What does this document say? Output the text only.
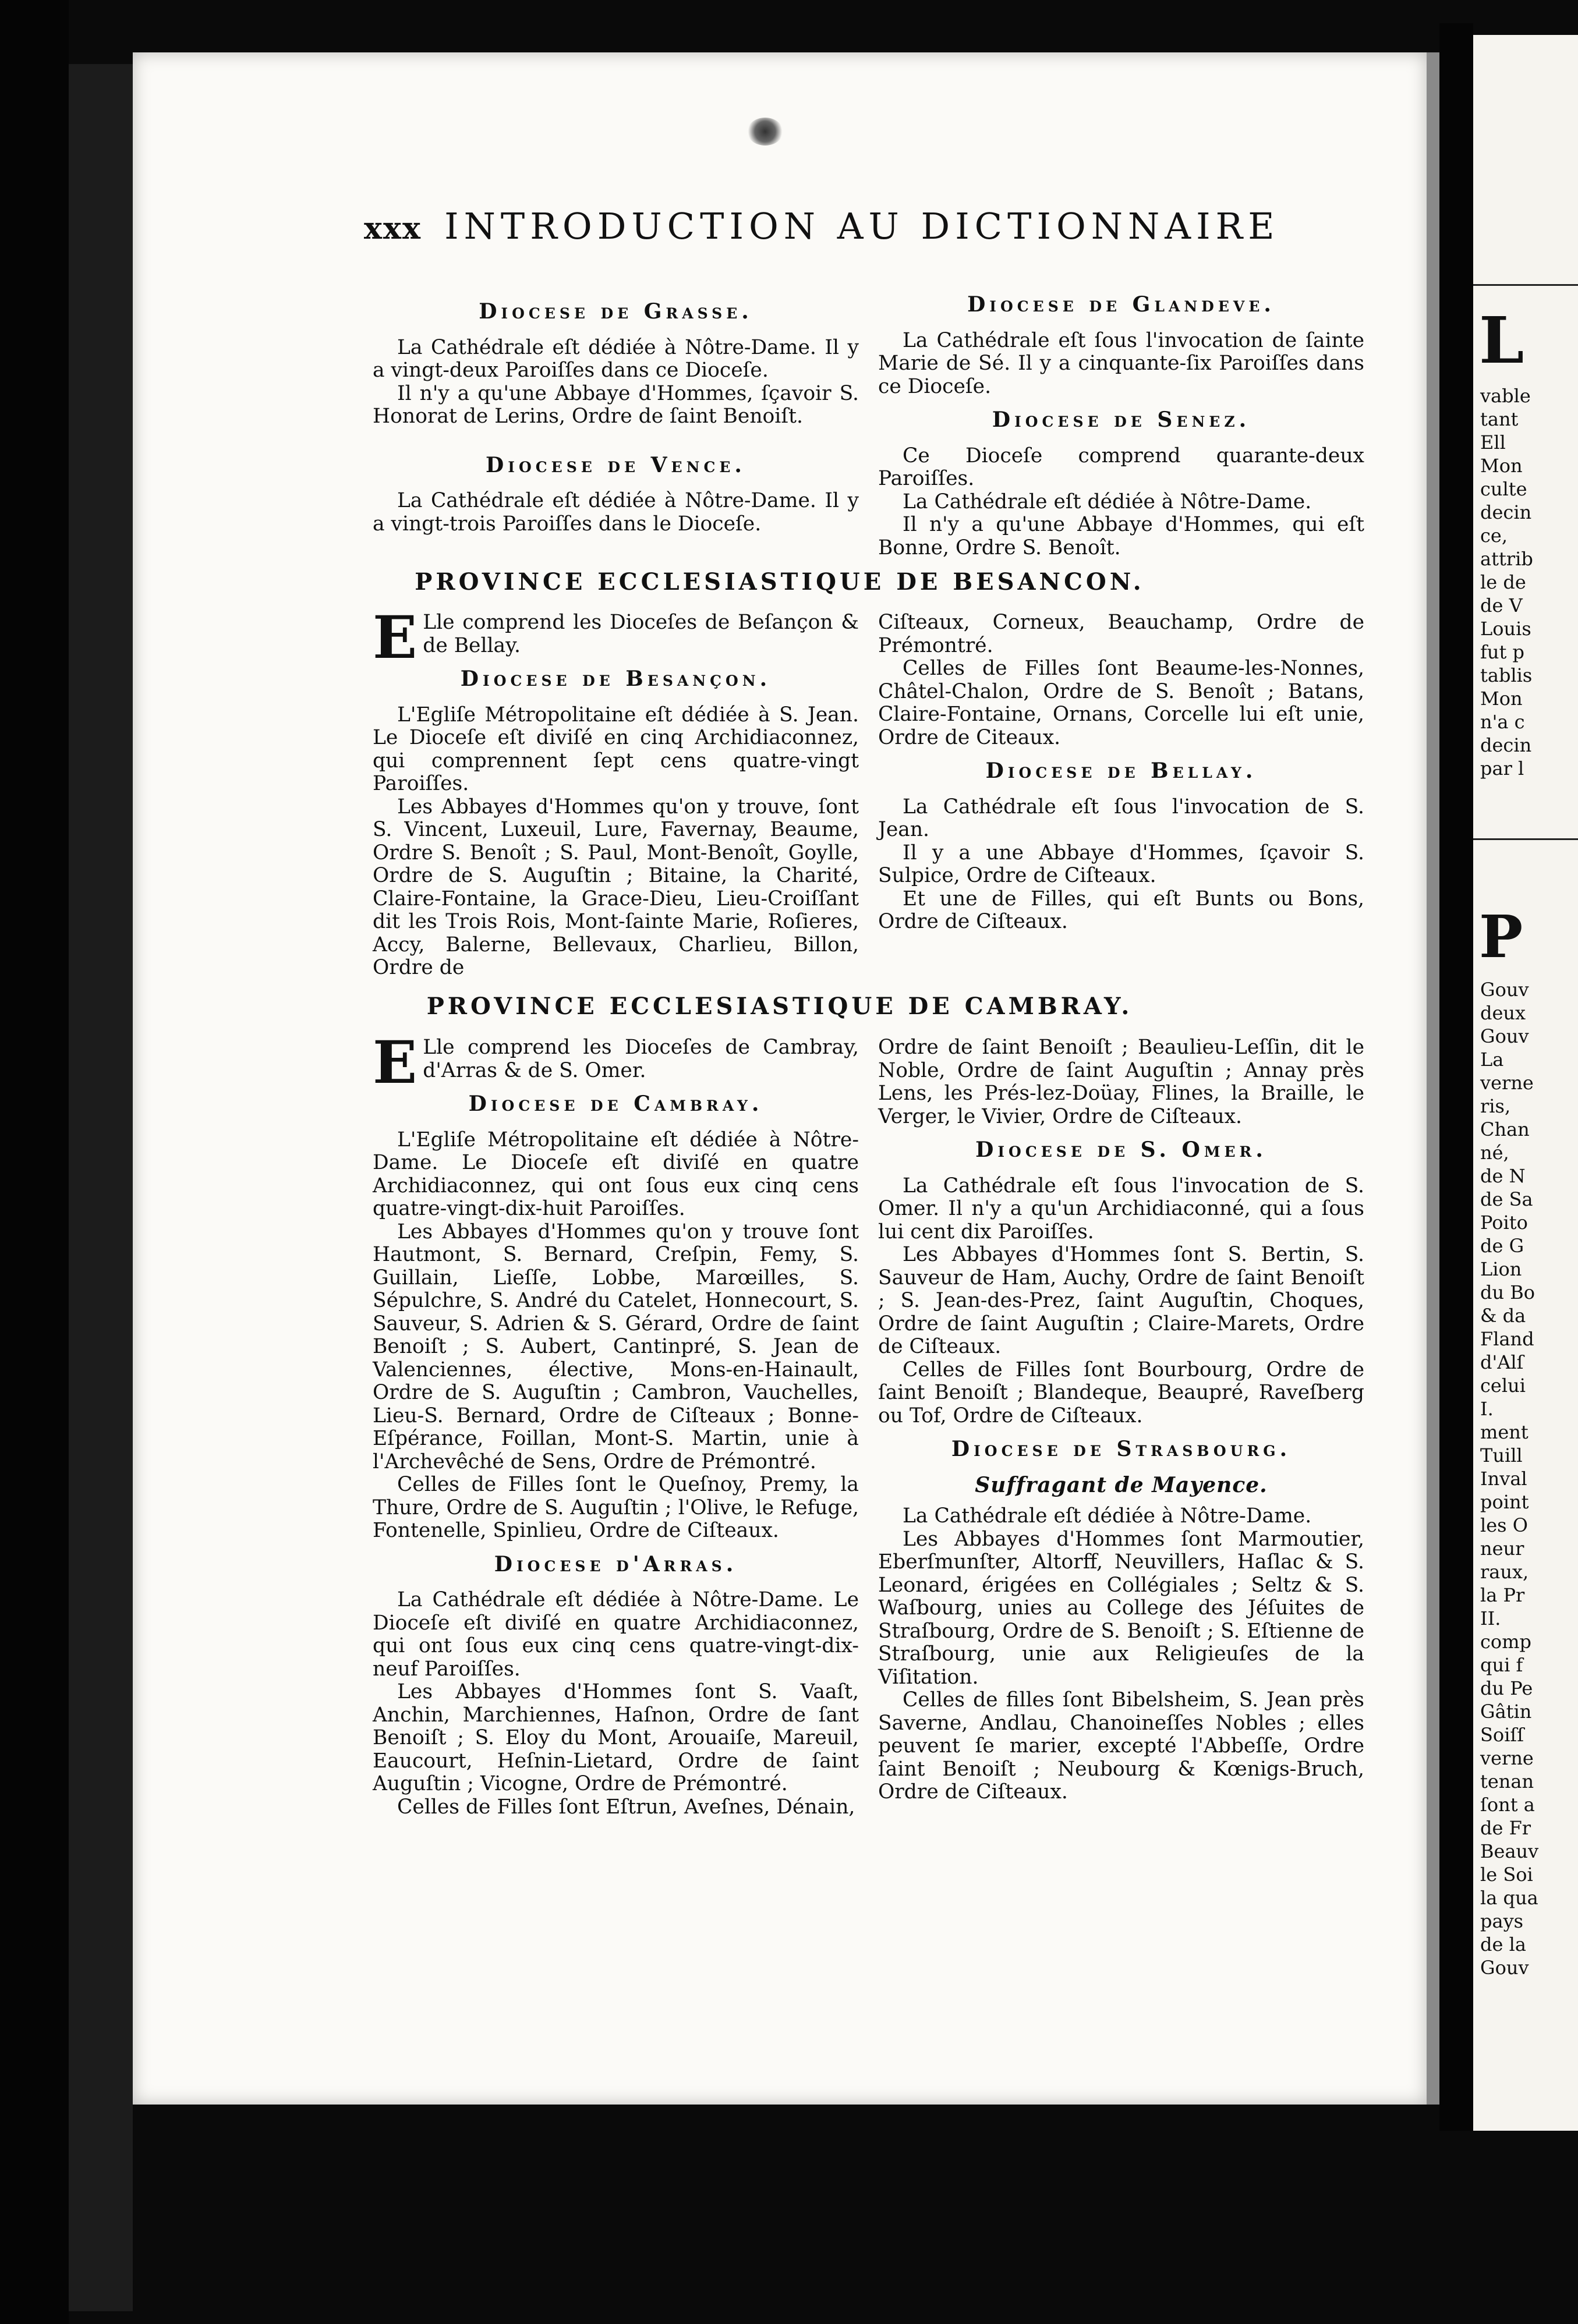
xxx INTRODUCTION AU DICTIONNAIRE
Diocese de Grasse.

La Cathédrale eſt dédiée à Nôtre-Dame. Il y a vingt-deux Paroiſſes dans ce Dioceſe.

Il n'y a qu'une Abbaye d'Hommes, ſçavoir S. Honorat de Lerins, Ordre de ſaint Benoiſt.

Diocese de Vence.

La Cathédrale eſt dédiée à Nôtre-Dame. Il y a vingt-trois Paroiſſes dans le Dioceſe.

Diocese de Glandeve.

La Cathédrale eſt ſous l'invocation de ſainte Marie de Sé. Il y a cinquante-ſix Paroiſſes dans ce Dioceſe.

Diocese de Senez.

Ce Dioceſe comprend quarante-deux Paroiſſes.

La Cathédrale eſt dédiée à Nôtre-Dame.

Il n'y a qu'une Abbaye d'Hommes, qui eſt Bonne, Ordre S. Benoît.

PROVINCE ECCLESIASTIQUE DE BESANCON.

E Lle comprend les Dioceſes de Beſançon & de Bellay.

Diocese de Besançon.

L'Egliſe Métropolitaine eſt dédiée à S. Jean. Le Dioceſe eſt diviſé en cinq Archidiaconnez, qui comprennent ſept cens quatre-vingt Paroiſſes.

Les Abbayes d'Hommes qu'on y trouve, ſont S. Vincent, Luxeuil, Lure, Favernay, Beaume, Ordre S. Benoît ; S. Paul, Mont-Benoît, Goylle, Ordre de S. Auguſtin ; Bitaine, la Charité, Claire-Fontaine, la Grace-Dieu, Lieu-Croiſſant dit les Trois Rois, Mont-ſainte Marie, Roſieres, Accy, Balerne, Bellevaux, Charlieu, Billon, Ordre de

Ciſteaux, Corneux, Beauchamp, Ordre de Prémontré.

Celles de Filles ſont Beaume-les-Nonnes, Châtel-Chalon, Ordre de S. Benoît ; Batans, Claire-Fontaine, Ornans, Corcelle lui eſt unie, Ordre de Citeaux.

Diocese de Bellay.

La Cathédrale eſt ſous l'invocation de S. Jean.

Il y a une Abbaye d'Hommes, ſçavoir S. Sulpice, Ordre de Ciſteaux.

Et une de Filles, qui eſt Bunts ou Bons, Ordre de Ciſteaux.

PROVINCE ECCLESIASTIQUE DE CAMBRAY.

E Lle comprend les Dioceſes de Cambray, d'Arras & de S. Omer.

Diocese de Cambray.

L'Egliſe Métropolitaine eſt dédiée à Nôtre-Dame. Le Dioceſe eſt diviſé en quatre Archidiaconnez, qui ont ſous eux cinq cens quatre-vingt-dix-huit Paroiſſes.

Les Abbayes d'Hommes qu'on y trouve ſont Hautmont, S. Bernard, Creſpin, Femy, S. Guillain, Lieſſe, Lobbe, Marœilles, S. Sépulchre, S. André du Catelet, Honnecourt, S. Sauveur, S. Adrien & S. Gérard, Ordre de ſaint Benoiſt ; S. Aubert, Cantinpré, S. Jean de Valenciennes, élective, Mons-en-Hainault, Ordre de S. Auguſtin ; Cambron, Vauchelles, Lieu-S. Bernard, Ordre de Ciſteaux ; Bonne-Eſpérance, Foillan, Mont-S. Martin, unie à l'Archevêché de Sens, Ordre de Prémontré.

Celles de Filles ſont le Queſnoy, Premy, la Thure, Ordre de S. Auguſtin ; l'Olive, le Refuge, Fontenelle, Spinlieu, Ordre de Ciſteaux.

Diocese d'Arras.

La Cathédrale eſt dédiée à Nôtre-Dame. Le Dioceſe eſt diviſé en quatre Archidiaconnez, qui ont ſous eux cinq cens quatre-vingt-dix-neuf Paroiſſes.

Les Abbayes d'Hommes ſont S. Vaaſt, Anchin, Marchiennes, Haſnon, Ordre de ſant Benoiſt ; S. Eloy du Mont, Arouaiſe, Mareuil, Eaucourt, Heſnin-Lietard, Ordre de ſaint Auguſtin ; Vicogne, Ordre de Prémontré.

Celles de Filles ſont Eſtrun, Aveſnes, Dénain,

Ordre de ſaint Benoiſt ; Beaulieu-Leſſin, dit le Noble, Ordre de ſaint Auguſtin ; Annay près Lens, les Prés-lez-Doüay, Flines, la Braille, le Verger, le Vivier, Ordre de Ciſteaux.

Diocese de S. Omer.

La Cathédrale eſt ſous l'invocation de S. Omer. Il n'y a qu'un Archidiaconné, qui a ſous lui cent dix Paroiſſes.

Les Abbayes d'Hommes ſont S. Bertin, S. Sauveur de Ham, Auchy, Ordre de ſaint Benoiſt ; S. Jean-des-Prez, ſaint Auguſtin, Choques, Ordre de ſaint Auguſtin ; Claire-Marets, Ordre de Ciſteaux.

Celles de Filles ſont Bourbourg, Ordre de ſaint Benoiſt ; Blandeque, Beaupré, Raveſberg ou Tof, Ordre de Ciſteaux.

Diocese de Strasbourg.
Suffragant de Mayence.

La Cathédrale eſt dédiée à Nôtre-Dame.

Les Abbayes d'Hommes ſont Marmoutier, Eberſmunſter, Altorff, Neuvillers, Haſlac & S. Leonard, érigées en Collégiales ; Seltz & S. Waſbourg, unies au College des Jéſuites de Straſbourg, Ordre de S. Benoiſt ; S. Eſtienne de Straſbourg, unie aux Religieuſes de la Viſitation.

Celles de filles ſont Bibelsheim, S. Jean près Saverne, Andlau, Chanoineſſes Nobles ; elles peuvent ſe marier, excepté l'Abbeſſe, Ordre ſaint Benoiſt ; Neubourg & Kœnigs-Bruch, Ordre de Ciſteaux.

L
vable
tant
Ell
Mon
culte
decin
ce,
attrib
le de
de V
Louis
fut p
tablis
Mon
n'a c
decin
par l
P
Gouv
deux
Gouv
La
verne
ris,
Chan
né,
de N
de Sa
Poito
de G
Lion
du Bo
& da
Fland
d'Alſ
celui
I.
ment
Tuill
Inval
point
les O
neur
raux,
la Pr
II.
comp
qui f
du Pe
Gâtin
Soiſſ
verne
tenan
ſont a
de Fr
Beauv
le Soi
la qua
pays
de la
Gouv
